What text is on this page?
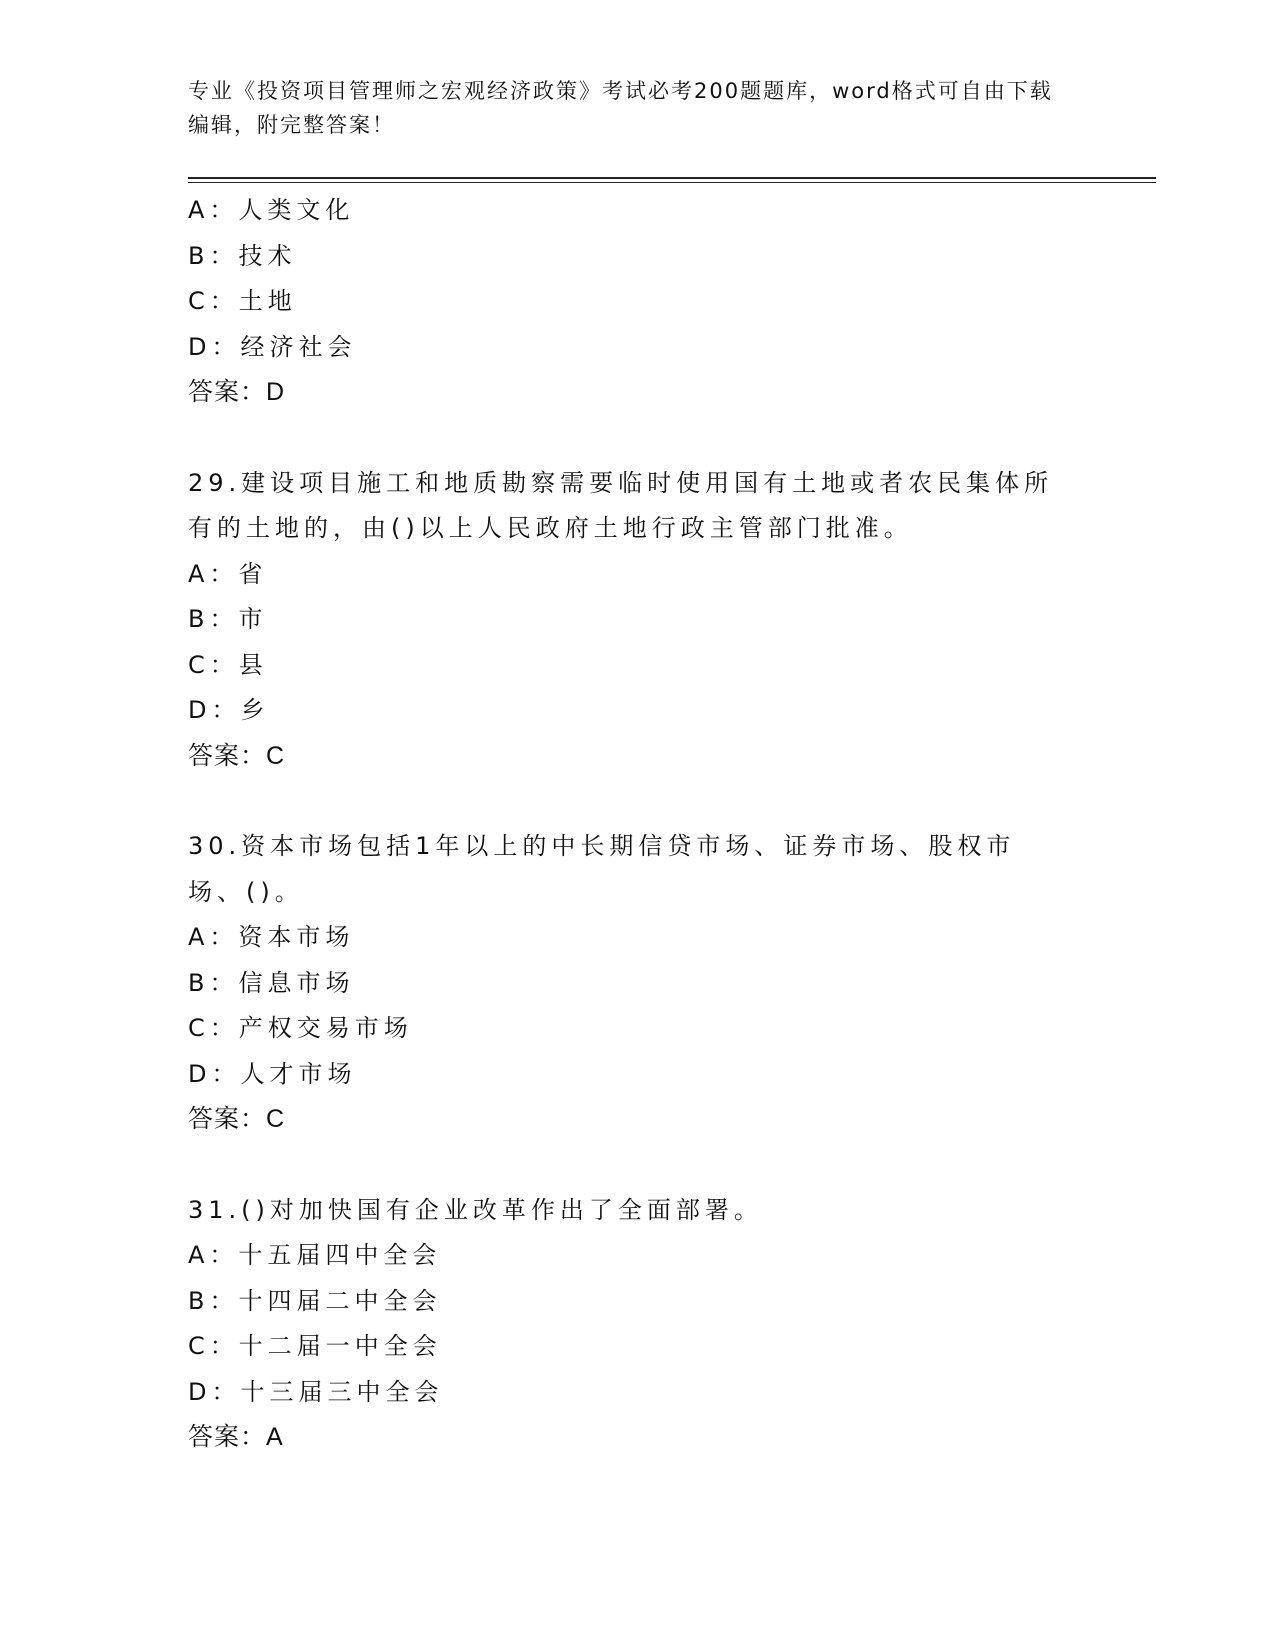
专业《投资项目管理师之宏观经济政策》考试必考200题题库，word格式可自由下载编辑，附完整答案！
A：人类文化
B：技术
C：土地
D：经济社会
答案：D
29.建设项目施工和地质勘察需要临时使用国有土地或者农民集体所有的土地的，由()以上人民政府土地行政主管部门批准。
A：省
B：市
C：县
D：乡
答案：C
30.资本市场包括1年以上的中长期信贷市场、证券市场、股权市场、()。
A：资本市场
B：信息市场
C：产权交易市场
D：人才市场
答案：C
31.()对加快国有企业改革作出了全面部署。
A：十五届四中全会
B：十四届二中全会
C：十二届一中全会
D：十三届三中全会
答案：A
